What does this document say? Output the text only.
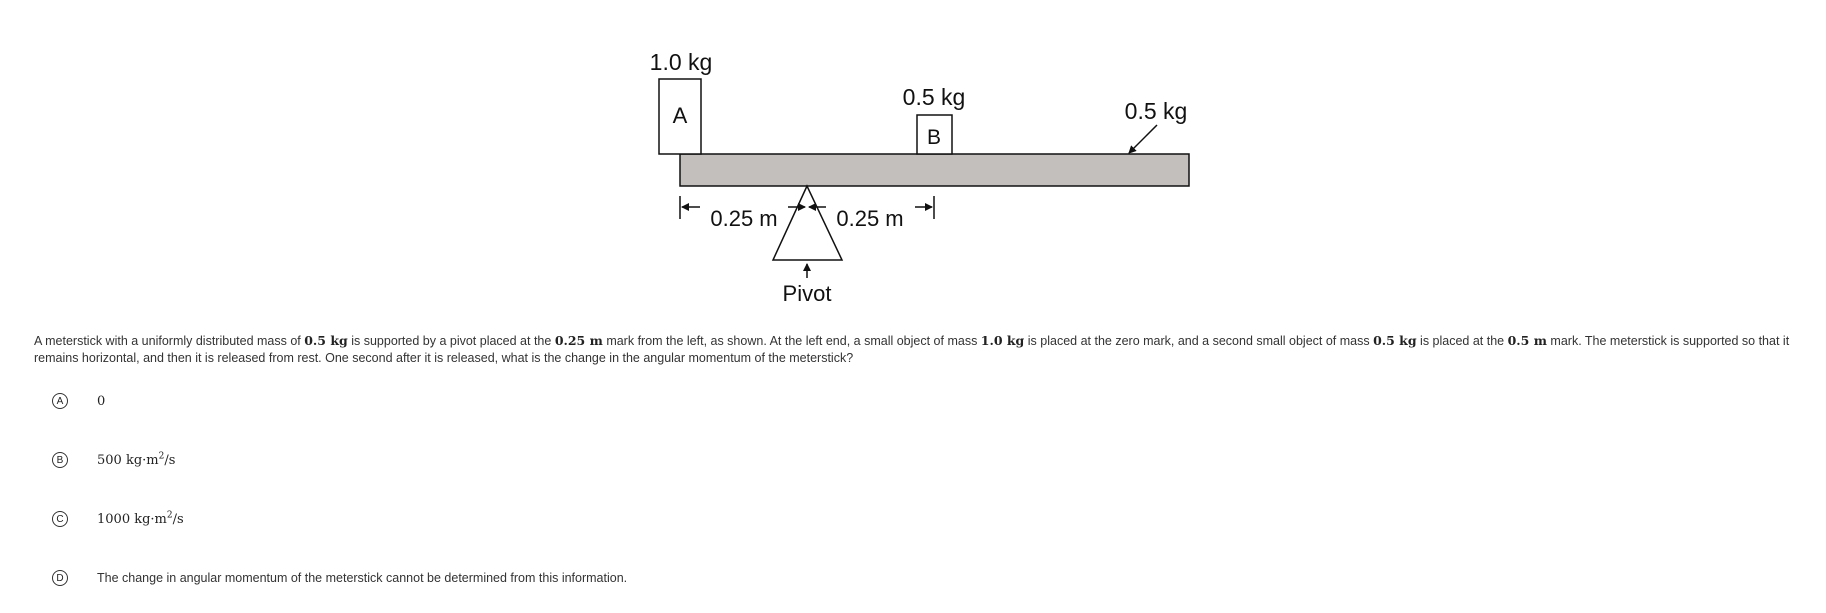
A
1.0 kg
B
0.5 kg
0.5 kg
0.25 m	0.25 m
Pivot
A meterstick with a uniformly distributed mass of 0.5 kg is supported by a pivot placed at the 0.25 m mark from the left, as shown. At the left end, a small object of mass 1.0 kg is placed at the zero mark, and a second small object of mass 0.5 kg is placed at the 0.5 m mark. The meterstick is supported so that it remains horizontal, and then it is released from rest. One second after it is released, what is the change in the angular momentum of the meterstick?
A	0
B	500 $kg\cdot m^2/s$
C	1000 $kg\cdot m^2/s$
D	The change in angular momentum of the meterstick cannot be determined from this information.
